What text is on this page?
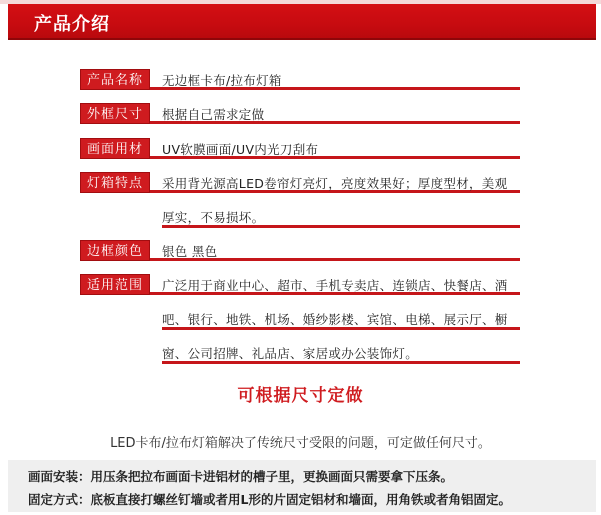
产品介绍
产品名称	无边框卡布/拉布灯箱
外框尺寸	根据自己需求定做
画面用材	UV软膜画面/UV内光刀刮布
灯箱特点	采用背光源高LED卷帘灯亮灯，亮度效果好；厚度型材，美观
厚实，不易损坏。
边框颜色	银色 黑色
适用范围	广泛用于商业中心、超市、手机专卖店、连锁店、快餐店、酒
吧、银行、地铁、机场、婚纱影楼、宾馆、电梯、展示厅、橱
窗、公司招牌、礼品店、家居或办公装饰灯。
可根据尺寸定做
LED卡布/拉布灯箱解决了传统尺寸受限的问题，可定做任何尺寸。
画面安装：用压条把拉布画面卡进铝材的槽子里，更换画面只需要拿下压条。
固定方式：底板直接打螺丝钉墙或者用L形的片固定铝材和墙面，用角铁或者角铝固定。
